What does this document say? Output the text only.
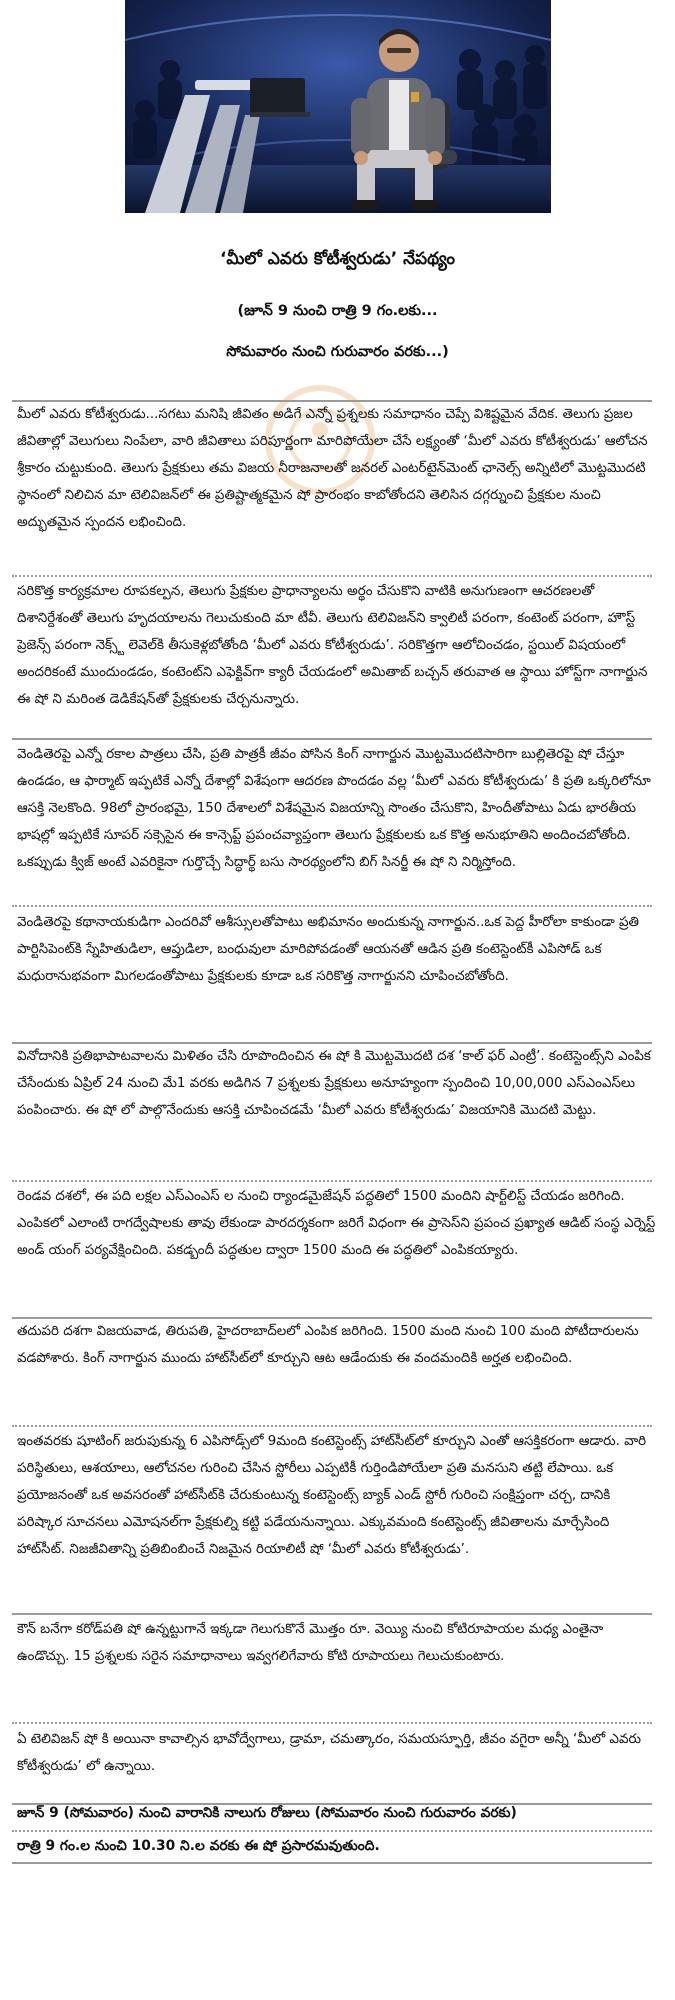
‘మీలో ఎవరు కోటీశ్వరుడు’ నేపథ్యం

(జూన్ 9 నుంచి రాత్రి 9 గం.లకు...

సోమవారం నుంచి గురువారం వరకు...)

మీలో ఎవరు కోటీశ్వరుడు...సగటు మనిషి జీవితం అడిగే ఎన్నో ప్రశ్నలకు సమాధానం చెప్పే విశిష్టమైన వేదిక. తెలుగు ప్రజల జీవితాల్లో వెలుగులు నింపేలా, వారి జీవితాలు పరిపూర్ణంగా మారిపోయేలా చేసే లక్ష్యంతో ‘మీలో ఎవరు కోటీశ్వరుడు’ ఆలోచన శ్రీకారం చుట్టుకుంది. తెలుగు ప్రేక్షకులు తమ విజయ నీరాజనాలతో జనరల్ ఎంటర్‌టైన్‌మెంట్ ఛానెల్స్ అన్నిటిలో మొట్టమొదటి స్థానంలో నిలిచిన మా టెలివిజన్‌లో ఈ ప్రతిష్టాత్మకమైన షో ప్రారంభం కాబోతోందని తెలిసిన దగ్గర్నుంచి ప్రేక్షకుల నుంచి అద్భుతమైన స్పందన లభించింది.

సరికొత్త కార్యక్రమాల రూపకల్పన, తెలుగు ప్రేక్షకుల ప్రాధాన్యాలను అర్థం చేసుకొని వాటికి అనుగుణంగా ఆచరణలతో దిశానిర్దేశంతో తెలుగు హృదయాలను గెలుచుకుంది మా టీవీ. తెలుగు టెలివిజన్‌ని క్వాలిటీ పరంగా, కంటెంట్ పరంగా, హౌస్ట్ ప్రెజెన్స్ పరంగా నెక్స్ట్ లెవెల్‌కి తీసుకెళ్లబోతోంది ‘మీలో ఎవరు కోటీశ్వరుడు’. సరికొత్తగా ఆలోచించడం, స్టయిల్ విషయంలో అందరికంటే ముందుండడం, కంటెంట్‌ని ఎఫెక్టివ్‌గా క్యారీ చేయడంలో అమితాబ్ బచ్చన్ తరువాత ఆ స్థాయి హోస్ట్‌గా నాగార్జున ఈ షో ని మరింత డెడికేషన్‌తో ప్రేక్షకులకు చేర్చనున్నారు.

వెండితెరపై ఎన్నో రకాల పాత్రలు చేసి, ప్రతి పాత్రకీ జీవం పోసిన కింగ్ నాగార్జున మొట్టమొదటిసారిగా బుల్లితెరపై షో చేస్తూ ఉండడం, ఆ ఫార్మాట్ ఇప్పటికే ఎన్నో దేశాల్లో విశేషంగా ఆదరణ పొందడం వల్ల ‘మీలో ఎవరు కోటీశ్వరుడు’ కి ప్రతి ఒక్కరిలోనూ ఆసక్తి నెలకొంది. 98లో ప్రారంభమై, 150 దేశాలలో విశేషమైన విజయాన్ని సొంతం చేసుకొని, హిందీతోపాటు ఏడు భారతీయ భాషల్లో ఇప్పటికే సూపర్ సక్సెసైన ఈ కాన్సెప్ట్ ప్రపంచవ్యాప్తంగా తెలుగు ప్రేక్షకులకు ఒక కొత్త అనుభూతిని అందించబోతోంది. ఒకప్పుడు క్విజ్ అంటే ఎవరికైనా గుర్తొచ్చే సిద్ధార్థ్ బసు సారథ్యంలోని బిగ్ సినర్జీ ఈ షో ని నిర్మిస్తోంది.

వెండితెరపై కథానాయకుడిగా ఎందరివో ఆశీస్సులతోపాటు అభిమానం అందుకున్న నాగార్జున..ఒక పెద్ద హీరోలా కాకుండా ప్రతి పార్టిసిపెంట్‌కి స్నేహితుడిలా, ఆప్తుడిలా, బంధువులా మారిపోవడంతో ఆయనతో ఆడిన ప్రతి కంటెస్టెంట్‌కీ ఎపిసోడ్ ఒక మధురానుభవంగా మిగలడంతోపాటు ప్రేక్షకులకు కూడా ఒక సరికొత్త నాగార్జునని చూపించబోతోంది.

వినోదానికి ప్రతిభాపాటవాలను మిళితం చేసి రూపొందించిన ఈ షో కి మొట్టమొదటి దశ ‘కాల్ ఫర్ ఎంట్రీ’. కంటెస్టెంట్స్‌ని ఎంపిక చేసేందుకు ఏప్రిల్ 24 నుంచి మే1 వరకు అడిగిన 7 ప్రశ్నలకు ప్రేక్షకులు అనూహ్యంగా స్పందించి 10,00,000 ఎస్ఎంఎస్‌లు పంపించారు. ఈ షో లో పాల్గొనేందుకు ఆసక్తి చూపించడమే ‘మీలో ఎవరు కోటీశ్వరుడు’ విజయానికి మొదటి మెట్టు.

రెండవ దశలో, ఈ పది లక్షల ఎస్ఎంఎస్ ల నుంచి ర్యాండమైజేషన్ పద్ధతిలో 1500 మందిని షార్ట్‌లిస్ట్ చేయడం జరిగింది. ఎంపికలో ఎలాంటి రాగద్వేషాలకు తావు లేకుండా పారదర్శకంగా జరిగే విధంగా ఈ ప్రాసెస్‌ని ప్రపంచ ప్రఖ్యాత ఆడిట్ సంస్థ ఎర్నెస్ట్ అండ్ యంగ్ పర్యవేక్షించింది. పకడ్బందీ పద్ధతుల ద్వారా 1500 మంది ఈ పద్ధతిలో ఎంపికయ్యారు.

తదుపరి దశగా విజయవాడ, తిరుపతి, హైదరాబాద్‌లలో ఎంపిక జరిగింది. 1500 మంది నుంచి 100 మంది పోటీదారులను వడపోశారు. కింగ్ నాగార్జున ముందు హాట్‌సీట్‌లో కూర్చుని ఆట ఆడేందుకు ఈ వందమందికి అర్హత లభించింది.

ఇంతవరకు షూటింగ్ జరుపుకున్న 6 ఎపిసోడ్స్‌లో 9మంది కంటెస్టెంట్స్ హాట్‌సీట్‌లో కూర్చుని ఎంతో ఆసక్తికరంగా ఆడారు. వారి పరిస్థితులు, ఆశయాలు, ఆలోచనల గురించి చేసిన స్టోరీలు ఎప్పటికీ గుర్తిండిపోయేలా ప్రతి మనసుని తట్టి లేపాయి. ఒక ప్రయోజనంతో ఒక అవసరంతో హాట్‌సీట్‌కి చేరుకుంటున్న కంటెస్టెంట్స్ బ్యాక్ ఎండ్ స్టోరీ గురించి సంక్షిప్తంగా చర్చ, దానికి పరిష్కార సూచనలు ఎమోషనల్‌గా ప్రేక్షకుల్ని కట్టి పడేయనున్నాయి. ఎక్కువమంది కంటెస్టెంట్స్ జీవితాలను మార్చేసింది హాట్‌సీట్. నిజజీవితాన్ని ప్రతిబింబించే నిజమైన రియాలిటీ షో ‘మీలో ఎవరు కోటీశ్వరుడు’.

కౌన్ బనేగా కరోడ్‌పతి షో ఉన్నట్టుగానే ఇక్కడా గెలుగుకొనే మొత్తం రూ. వెయ్యి నుంచి కోటిరూపాయల మధ్య ఎంతైనా ఉండొచ్చు. 15 ప్రశ్నలకు సరైన సమాధానాలు ఇవ్వగలిగేవారు కోటి రూపాయలు గెలుచుకుంటారు.

ఏ టెలివిజన్ షో కి అయినా కావాల్సిన భావోద్వేగాలు, డ్రామా, చమత్కారం, సమయస్ఫూర్తి, జీవం వగైరా అన్నీ ‘మీలో ఎవరు కోటీశ్వరుడు’ లో ఉన్నాయి.

జూన్ 9 (సోమవారం) నుంచి వారానికి నాలుగు రోజులు (సోమవారం నుంచి గురువారం వరకు)

రాత్రి 9 గం.ల నుంచి 10.30 ని.ల వరకు ఈ షో ప్రసారమవుతుంది.
